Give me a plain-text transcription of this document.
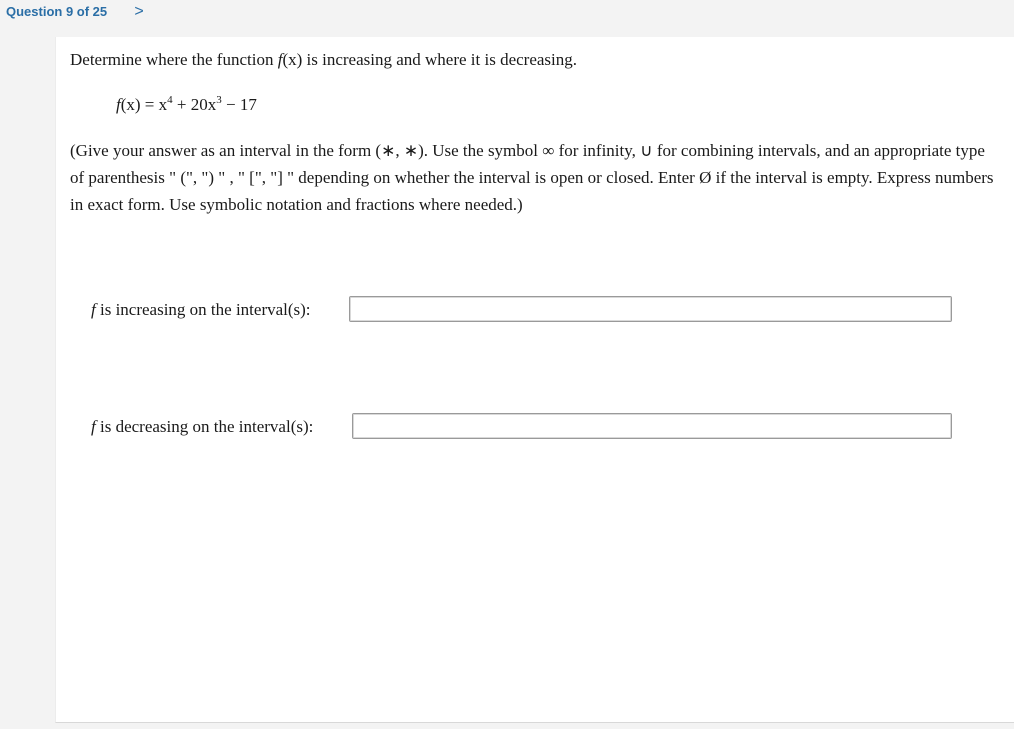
Question 9 of 25 >
Determine where the function f(x) is increasing and where it is decreasing.
$f(x) = x^4 + 20x^3 - 17$
(Give your answer as an interval in the form (∗, ∗). Use the symbol ∞ for infinity, ∪ for combining intervals, and an appropriate type of parenthesis " (", ") " , " [", "] " depending on whether the interval is open or closed. Enter Ø if the interval is empty. Express numbers in exact form. Use symbolic notation and fractions where needed.)
f is increasing on the interval(s):
f is decreasing on the interval(s):
